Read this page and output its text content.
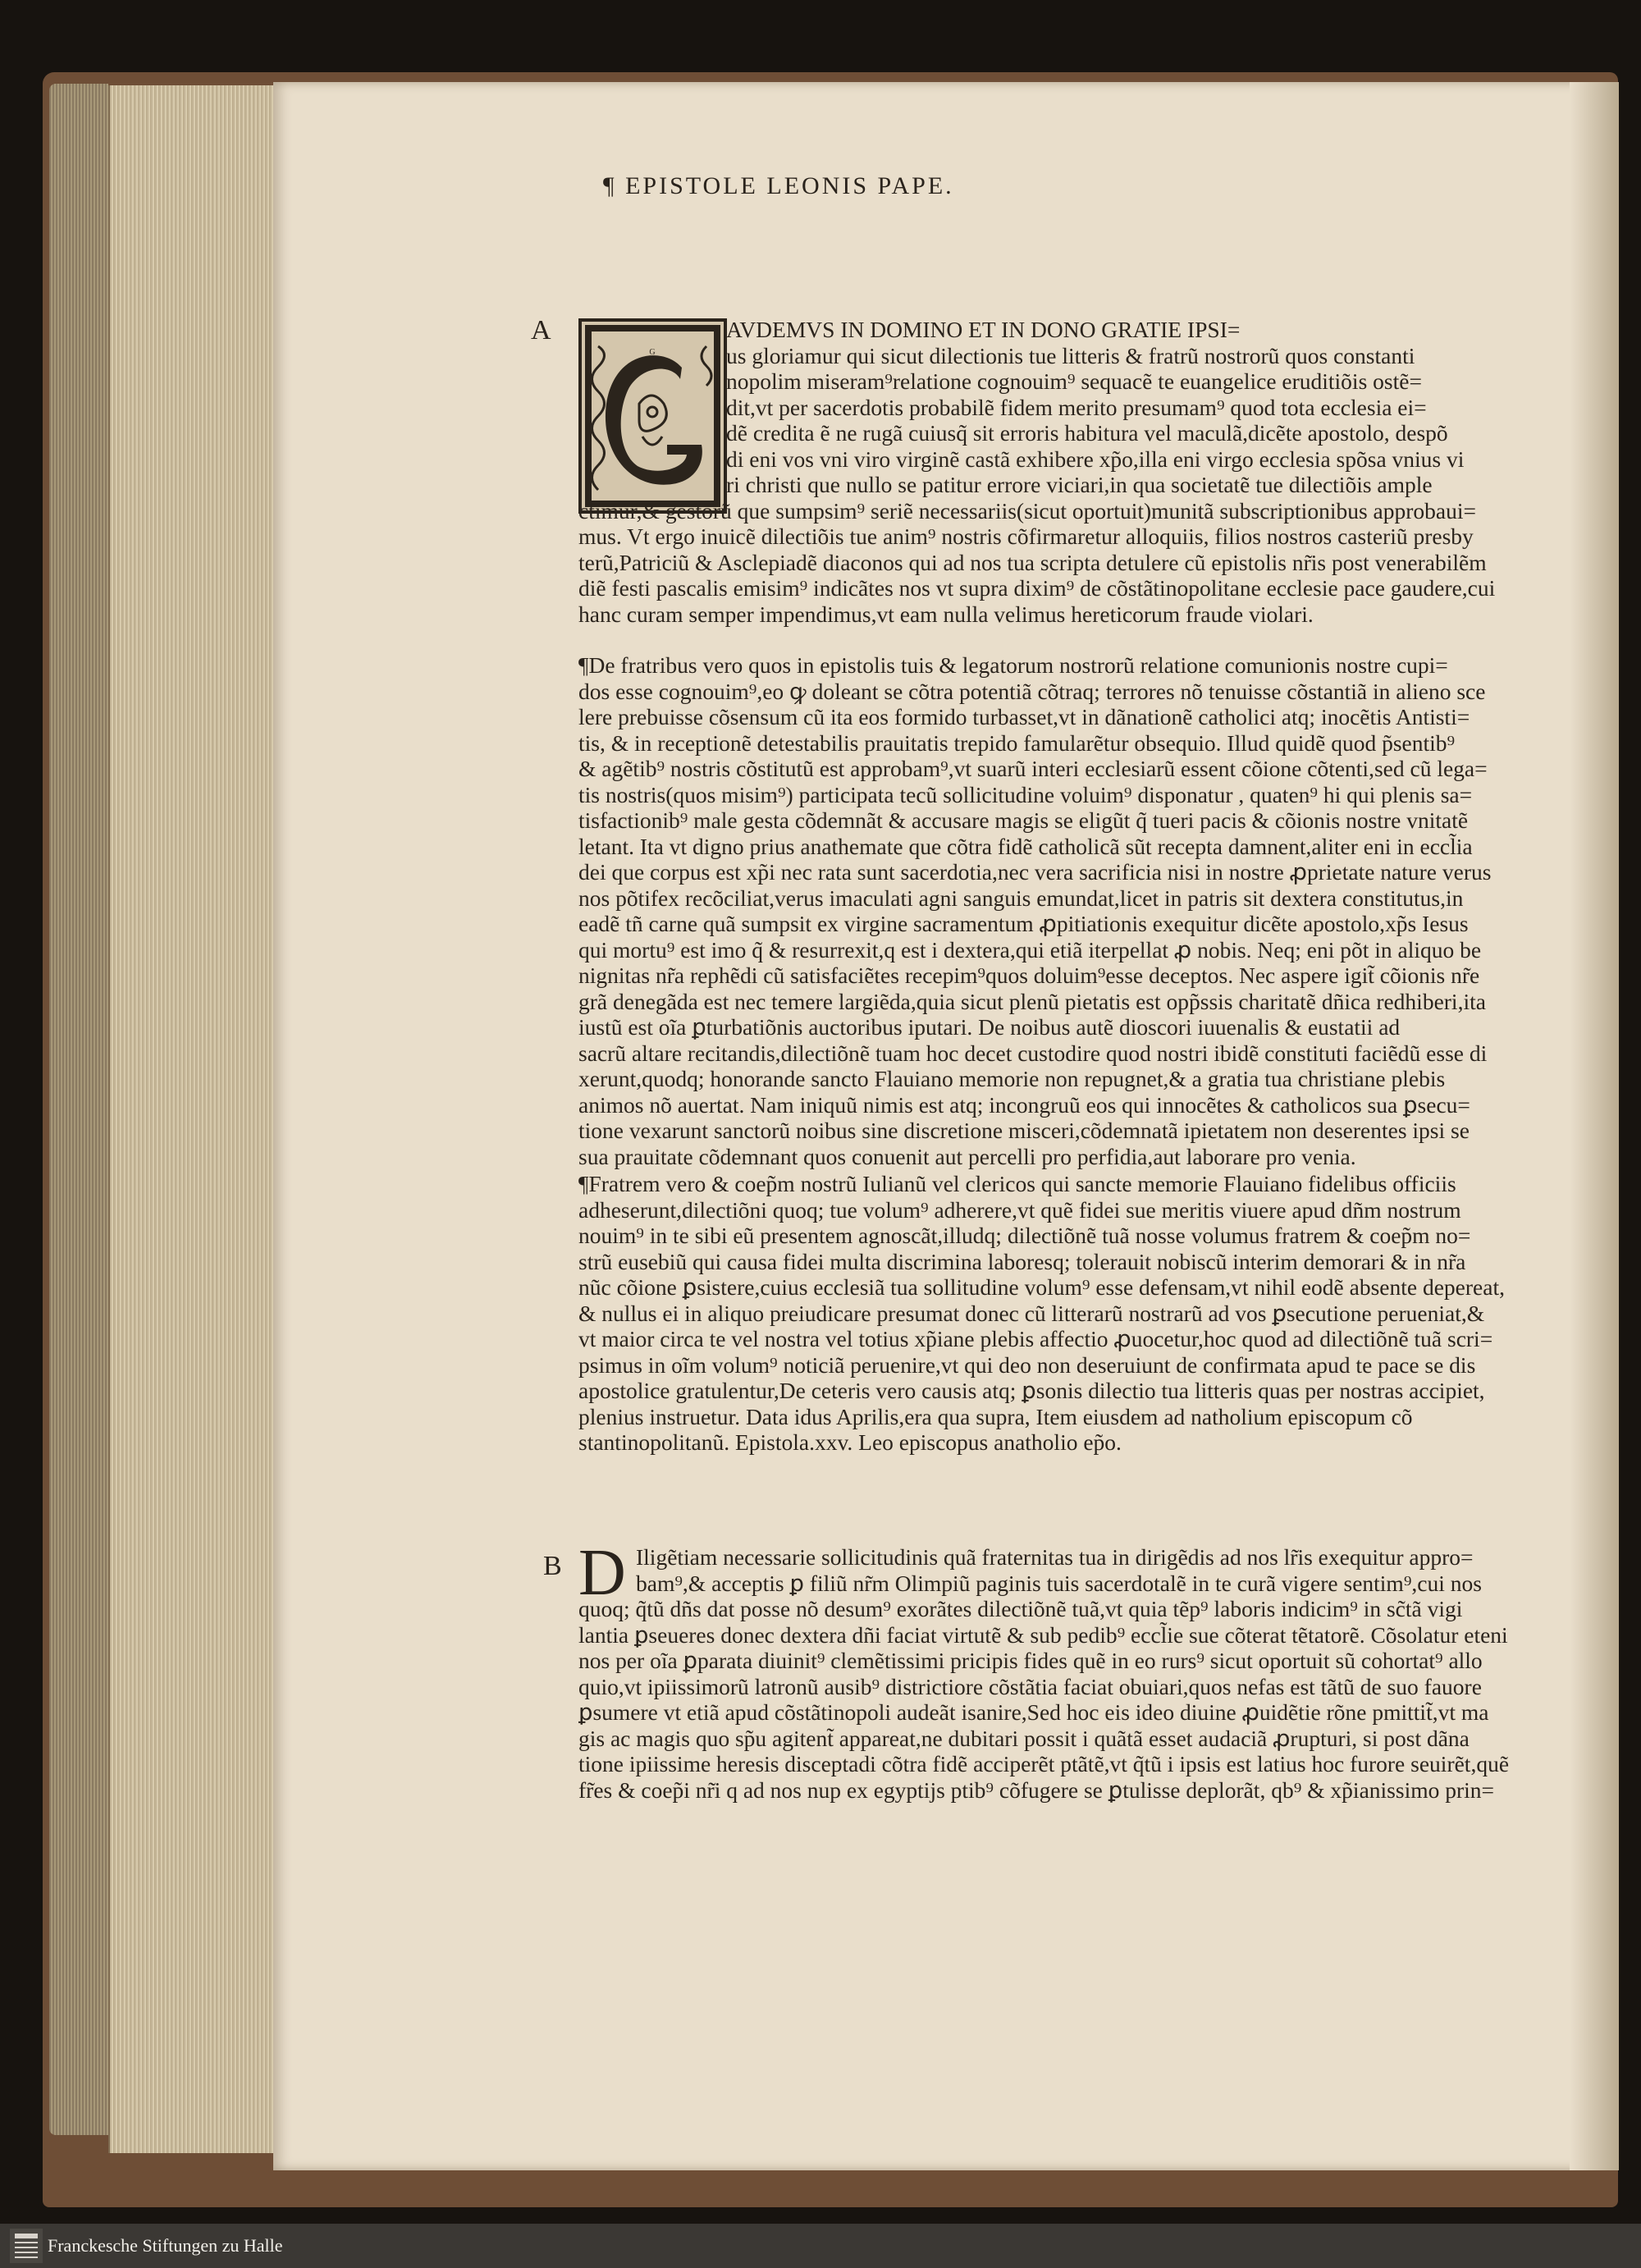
¶ EPISTOLE LEONIS PAPE.
A
B
G
AVDEMVS IN DOMINO ET IN DONO GRATIE IPSI=
us gloriamur qui sicut dilectionis tue litteris & fratrũ nostrorũ quos constanti
nopolim miseram⁹relatione cognouim⁹ sequacẽ te euangelice eruditiõis ostẽ=
dit,vt per sacerdotis probabilẽ fidem merito presumam⁹ quod tota ecclesia ei=
dẽ credita ẽ ne rugã cuiusq̃ sit erroris habitura vel maculã,dicẽte apostolo, despõ
di eni vos vni viro virginẽ castã exhibere xp̃o,illa eni virgo ecclesia spõsa vnius vi
ri christi que nullo se patitur errore viciari,in qua societatẽ tue dilectiõis ample
ctimur,& gestorũ que sumpsim⁹ seriẽ necessariis(sicut oportuit)munitã subscriptionibus approbaui=
mus. Vt ergo inuicẽ dilectiõis tue anim⁹ nostris cõfirmaretur alloquiis, filios nostros casteriũ presby
terũ,Patriciũ & Asclepiadẽ diaconos qui ad nos tua scripta detulere cũ epistolis nr̃is post venerabilẽm
diẽ festi pascalis emisim⁹ indicãtes nos vt supra dixim⁹ de cõstãtinopolitane ecclesie pace gaudere,cui
hanc curam semper impendimus,vt eam nulla velimus hereticorum fraude violari.
¶De fratribus vero quos in epistolis tuis & legatorum nostrorũ relatione comunionis nostre cupi=
dos esse cognouim⁹,eo ꝙ doleant se cõtra potentiã cõtraq; terrores nõ tenuisse cõstantiã in alieno sce
lere prebuisse cõsensum cũ ita eos formido turbasset,vt in dãnationẽ catholici atq; inocẽtis Antisti=
tis, & in receptionẽ detestabilis prauitatis trepido famularẽtur obsequio. Illud quidẽ quod p̃sentib⁹
& agẽtib⁹ nostris cõstitutũ est approbam⁹,vt suarũ interi ecclesiarũ essent cõione cõtenti,sed cũ lega=
tis nostris(quos misim⁹) participata tecũ sollicitudine voluim⁹ disponatur , quaten⁹ hi qui plenis sa=
tisfactionib⁹ male gesta cõdemnãt & accusare magis se eligũt q̃ tueri pacis & cõionis nostre vnitatẽ
letant. Ita vt digno prius anathemate que cõtra fidẽ catholicã sũt recepta damnent,aliter eni in eccl̃ia
dei que corpus est xp̃i nec rata sunt sacerdotia,nec vera sacrificia nisi in nostre ꝓprietate nature verus
nos põtifex recõciliat,verus imaculati agni sanguis emundat,licet in patris sit dextera constitutus,in
eadẽ tñ carne quã sumpsit ex virgine sacramentum ꝓpitiationis exequitur dicẽte apostolo,xp̃s Iesus
qui mortu⁹ est imo q̃ & resurrexit,q est i dextera,qui etiã iterpellat ꝓ nobis. Neq; eni põt in aliquo be
nignitas nr̃a rephẽdi cũ satisfaciẽtes recepim⁹quos doluim⁹esse deceptos. Nec aspere igit̃ cõionis nr̃e
grã denegãda est nec temere largiẽda,quia sicut plenũ pietatis est opp̃ssis charitatẽ dñica redhiberi,ita
iustũ est oĩa ꝑturbatiõnis auctoribus iputari. De noibus autẽ dioscori iuuenalis & eustatii ad
sacrũ altare recitandis,dilectiõnẽ tuam hoc decet custodire quod nostri ibidẽ constituti faciẽdũ esse di
xerunt,quodq; honorande sancto Flauiano memorie non repugnet,& a gratia tua christiane plebis
animos nõ auertat. Nam iniquũ nimis est atq; incongruũ eos qui innocẽtes & catholicos sua ꝑsecu=
tione vexarunt sanctorũ noibus sine discretione misceri,cõdemnatã ipietatem non deserentes ipsi se
sua prauitate cõdemnant quos conuenit aut percelli pro perfidia,aut laborare pro venia.
¶Fratrem vero & coep̃m nostrũ Iulianũ vel clericos qui sancte memorie Flauiano fidelibus officiis
adheserunt,dilectiõni quoq; tue volum⁹ adherere,vt quẽ fidei sue meritis viuere apud dñm nostrum
nouim⁹ in te sibi eũ presentem agnoscãt,illudq; dilectiõnẽ tuã nosse volumus fratrem & coep̃m no=
strũ eusebiũ qui causa fidei multa discrimina laboresq; tolerauit nobiscũ interim demorari & in nr̃a
nũc cõione ꝑsistere,cuius ecclesiã tua sollitudine volum⁹ esse defensam,vt nihil eodẽ absente depereat,
& nullus ei in aliquo preiudicare presumat donec cũ litterarũ nostrarũ ad vos ꝑsecutione perueniat,&
vt maior circa te vel nostra vel totius xp̃iane plebis affectio ꝓuocetur,hoc quod ad dilectiõnẽ tuã scri=
psimus in oĩm volum⁹ noticiã peruenire,vt qui deo non deseruiunt de confirmata apud te pace se dis
apostolice gratulentur,De ceteris vero causis atq; ꝑsonis dilectio tua litteris quas per nostras accipiet,
plenius instruetur. Data idus Aprilis,era qua supra, Item eiusdem ad natholium episcopum cõ
stantinopolitanũ. Epistola.xxv. Leo episcopus anatholio ep̃o.
D Iligẽtiam necessarie sollicitudinis quã fraternitas tua in dirigẽdis ad nos lr̃is exequitur appro=
bam⁹,& acceptis ꝑ filiũ nr̃m Olimpiũ paginis tuis sacerdotalẽ in te curã vigere sentim⁹,cui nos
quoq; q̃tũ dñs dat posse nõ desum⁹ exorãtes dilectiõnẽ tuã,vt quia tẽp⁹ laboris indicim⁹ in sc̃tã vigi
lantia ꝑseueres donec dextera dñi faciat virtutẽ & sub pedib⁹ eccl̃ie sue cõterat tẽtatorẽ. Cõsolatur eteni
nos per oĩa ꝑparata diuinit⁹ clemẽtissimi pricipis fides quẽ in eo rurs⁹ sicut oportuit sũ cohortat⁹ allo
quio,vt ipiissimorũ latronũ ausib⁹ districtiore cõstãtia faciat obuiari,quos nefas est tãtũ de suo fauore
ꝑsumere vt etiã apud cõstãtinopoli audeãt isanire,Sed hoc eis ideo diuine ꝓuidẽtie rõne pmittit̃,vt ma
gis ac magis quo sp̃u agitent̃ appareat,ne dubitari possit i quãtã esset audaciã ꝓrupturi, si post dãna
tione ipiissime heresis disceptadi cõtra fidẽ acciperẽt ptãtẽ,vt q̃tũ i ipsis est latius hoc furore seuirẽt,quẽ
fr̃es & coep̃i nr̃i q ad nos nup ex egyptijs ptib⁹ cõfugere se ꝑtulisse deplorãt, qb⁹ & xp̃ianissimo prin=
Franckesche Stiftungen zu Halle
